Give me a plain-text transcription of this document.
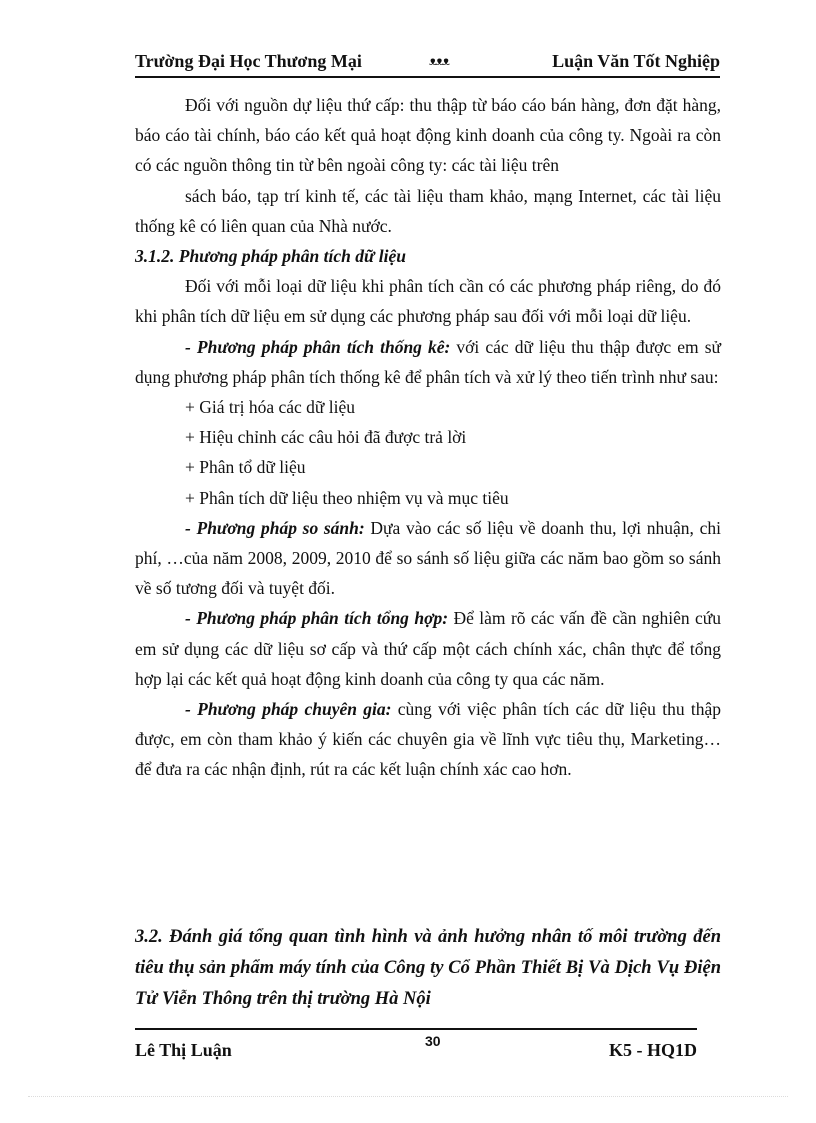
Trường Đại Học Thương Mại	ᴥᴥᴥ	Luận Văn Tốt Nghiệp

Đối với nguồn dự liệu thứ cấp: thu thập từ báo cáo bán hàng, đơn đặt hàng, báo cáo tài chính, báo cáo kết quả hoạt động kinh doanh của công ty. Ngoài ra còn có các nguồn thông tin từ bên ngoài công ty: các tài liệu trên

sách báo, tạp trí kinh tế, các tài liệu tham khảo, mạng Internet, các tài liệu thống kê có liên quan của Nhà nước.

3.1.2. Phương pháp phân tích dữ liệu

Đối với mỗi loại dữ liệu khi phân tích cần có các phương pháp riêng, do đó khi phân tích dữ liệu em sử dụng các phương pháp sau đối với mỗi loại dữ liệu.

- Phương pháp phân tích thống kê: với các dữ liệu thu thập được em sử dụng phương pháp phân tích thống kê để phân tích và xử lý theo tiến trình như sau:

+ Giá trị hóa các dữ liệu

+ Hiệu chỉnh các câu hỏi đã được trả lời

+ Phân tổ dữ liệu

+ Phân tích dữ liệu theo nhiệm vụ và mục tiêu

- Phương pháp so sánh: Dựa vào các số liệu về doanh thu, lợi nhuận, chi phí, …của năm 2008, 2009, 2010 để so sánh số liệu giữa các năm bao gồm so sánh về số tương đối và tuyệt đối.

- Phương pháp phân tích tổng hợp: Để làm rõ các vấn đề cần nghiên cứu em sử dụng các dữ liệu sơ cấp và thứ cấp một cách chính xác, chân thực để tổng hợp lại các kết quả hoạt động kinh doanh của công ty qua các năm.

- Phương pháp chuyên gia: cùng với việc phân tích các dữ liệu thu thập được, em còn tham khảo ý kiến các chuyên gia về lĩnh vực tiêu thụ, Marketing… để đưa ra các nhận định, rút ra các kết luận chính xác cao hơn.

3.2. Đánh giá tổng quan tình hình và ảnh hưởng nhân tố môi trường đến tiêu thụ sản phẩm máy tính của Công ty Cổ Phần Thiết Bị Và Dịch Vụ Điện Tử Viễn Thông trên thị trường Hà Nội

Lê Thị Luận	30	K5 - HQ1D
